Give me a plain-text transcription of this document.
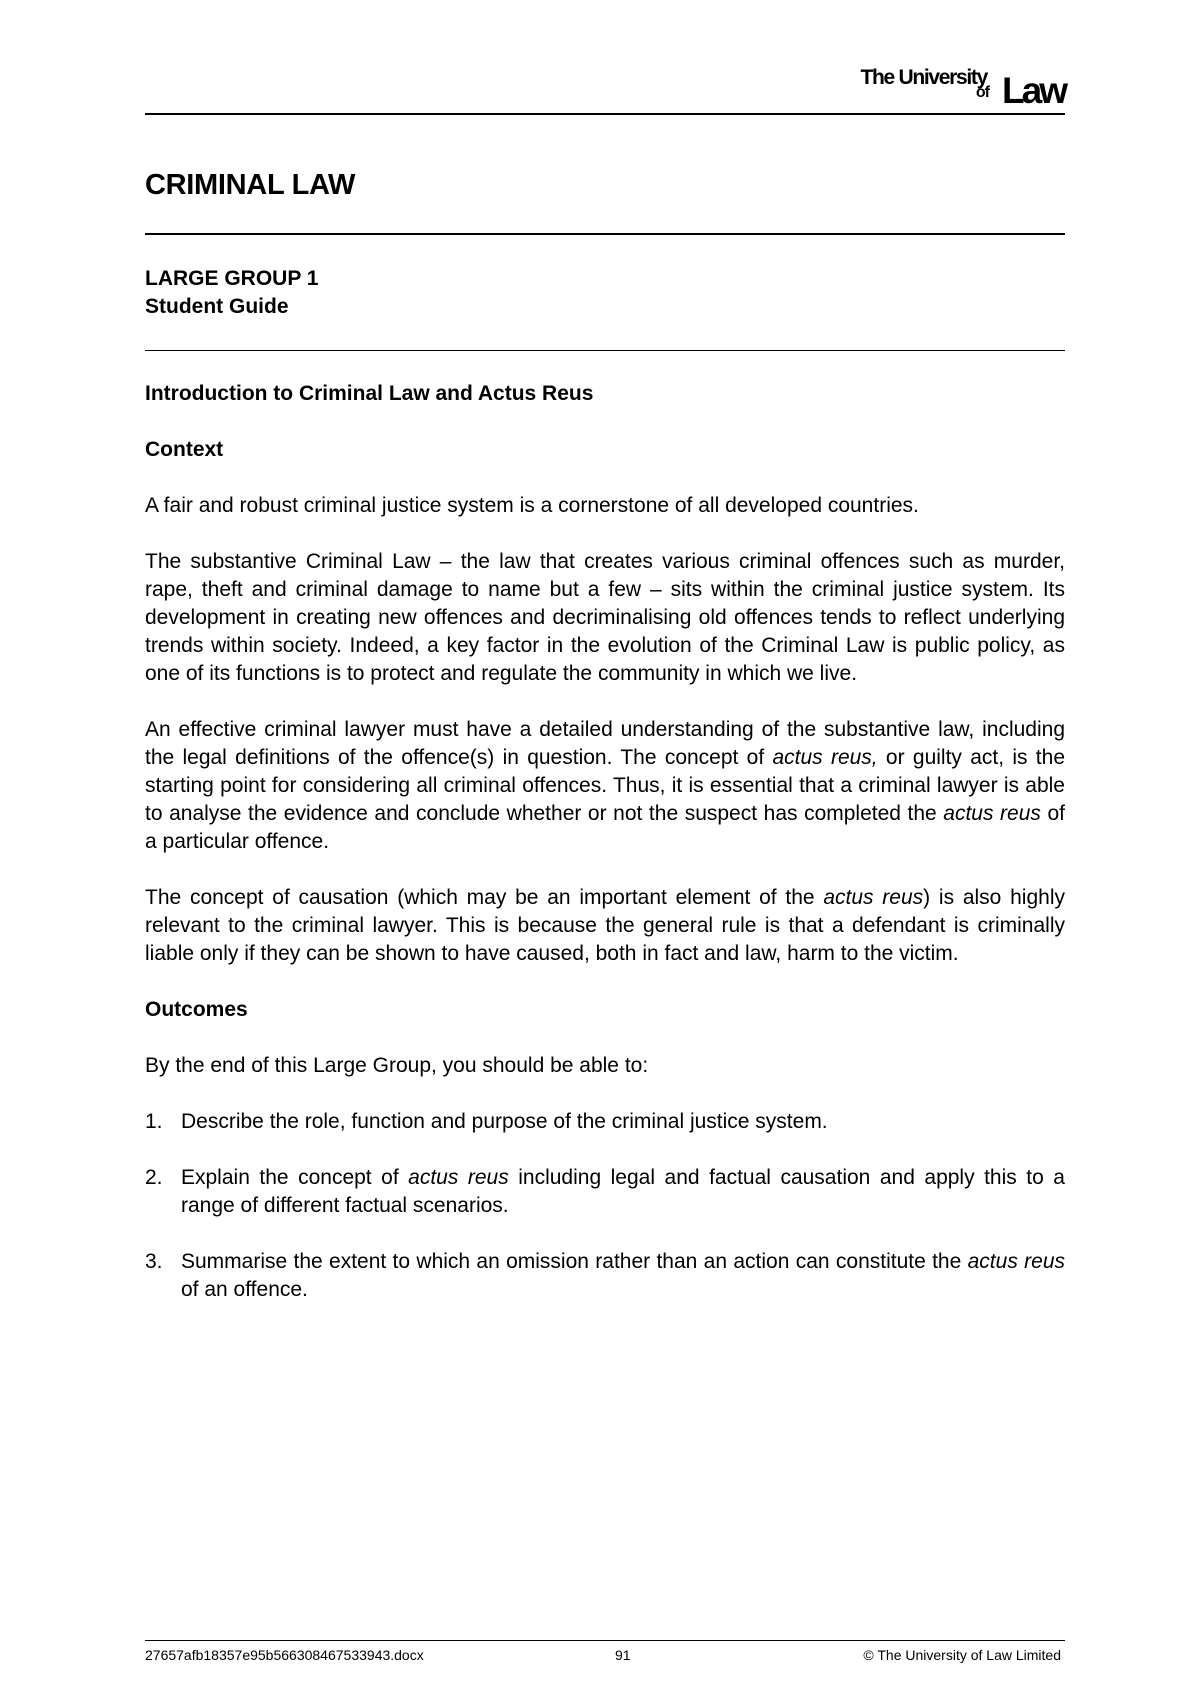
The University
of Law
CRIMINAL LAW
LARGE GROUP 1
Student Guide

Introduction to Criminal Law and Actus Reus

Context

A fair and robust criminal justice system is a cornerstone of all developed countries.

The substantive Criminal Law – the law that creates various criminal offences such as murder, rape, theft and criminal damage to name but a few – sits within the criminal justice system. Its development in creating new offences and decriminalising old offences tends to reflect underlying trends within society. Indeed, a key factor in the evolution of the Criminal Law is public policy, as one of its functions is to protect and regulate the community in which we live.

An effective criminal lawyer must have a detailed understanding of the substantive law, including the legal definitions of the offence(s) in question. The concept of actus reus, or guilty act, is the starting point for considering all criminal offences. Thus, it is essential that a criminal lawyer is able to analyse the evidence and conclude whether or not the suspect has completed the actus reus of a particular offence.

The concept of causation (which may be an important element of the actus reus) is also highly relevant to the criminal lawyer. This is because the general rule is that a defendant is criminally liable only if they can be shown to have caused, both in fact and law, harm to the victim.

Outcomes

By the end of this Large Group, you should be able to:

1. Describe the role, function and purpose of the criminal justice system.
2. Explain the concept of actus reus including legal and factual causation and apply this to a range of different factual scenarios.
3. Summarise the extent to which an omission rather than an action can constitute the actus reus of an offence.
27657afb18357e95b566308467533943.docx	91	© The University of Law Limited
